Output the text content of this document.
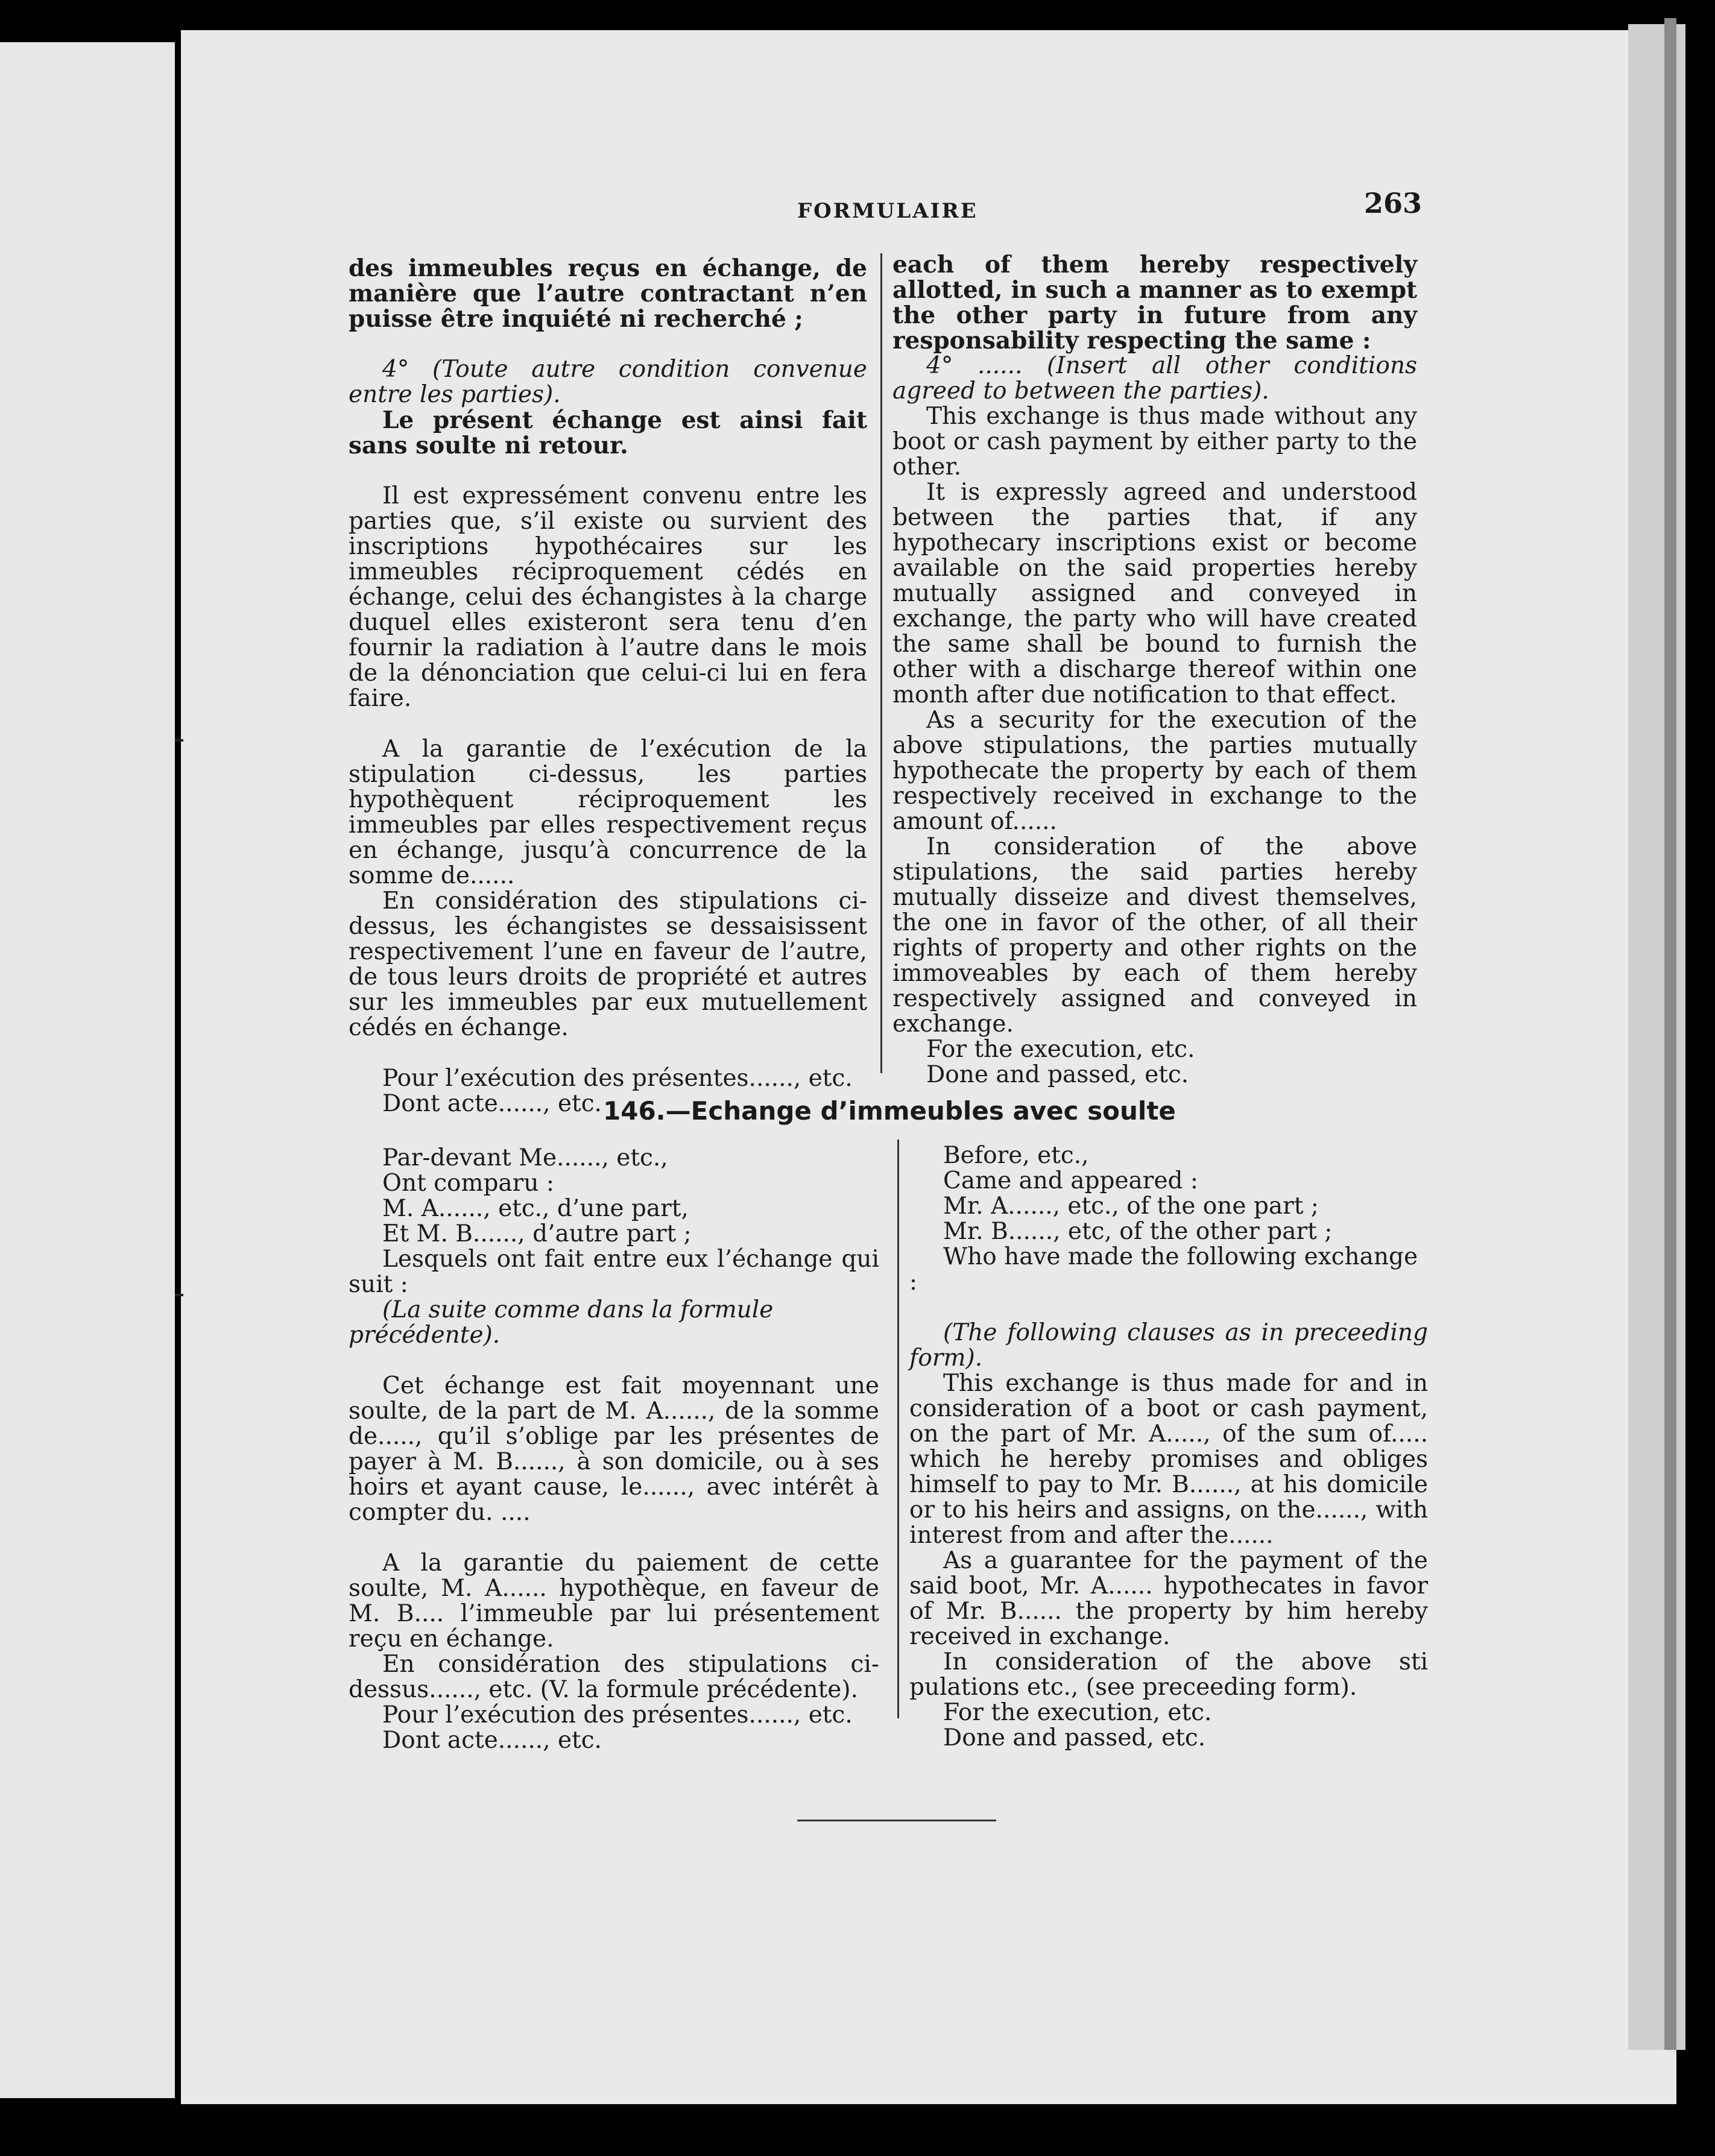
FORMULAIRE	263

des immeubles reçus en échange, de manière que l’autre contractant n’en puisse être inquiété ni recherché ;

4° (Toute autre condition convenue entre les parties).

Le présent échange est ainsi fait sans soulte ni retour.

Il est expressément convenu entre les parties que, s’il existe ou survient des inscriptions hypothécaires sur les immeubles réciproquement cédés en échange, celui des échangistes à la charge duquel elles existeront sera tenu d’en fournir la radiation à l’autre dans le mois de la dénonciation que celui-ci lui en fera faire.

A la garantie de l’exécution de la stipulation ci-dessus, les parties hypothèquent réciproquement les immeubles par elles respectivement reçus en échange, jusqu’à concurrence de la somme de......

En considération des stipulations ci-dessus, les échangistes se dessaisissent respectivement l’une en faveur de l’autre, de tous leurs droits de propriété et autres sur les immeubles par eux mutuellement cédés en échange.

Pour l’exécution des présentes......, etc.

Dont acte......, etc.

each of them hereby respectively allotted, in such a manner as to exempt the other party in future from any responsability respecting the same :

4° ...... (Insert all other conditions agreed to between the parties).

This exchange is thus made without any boot or cash payment by either party to the other.

It is expressly agreed and understood between the parties that, if any hypothecary inscriptions exist or become available on the said properties hereby mutually assigned and conveyed in exchange, the party who will have created the same shall be bound to furnish the other with a discharge thereof within one month after due notification to that effect.

As a security for the execution of the above stipulations, the parties mutually hypothecate the property by each of them respectively received in exchange to the amount of......

In consideration of the above stipulations, the said parties hereby mutually disseize and divest themselves, the one in favor of the other, of all their rights of property and other rights on the immoveables by each of them hereby respectively assigned and conveyed in exchange.

For the execution, etc.

Done and passed, etc.

146.—Echange d’immeubles avec soulte

Par-devant Me......, etc.,

Ont comparu :

M. A......, etc., d’une part,

Et M. B......, d’autre part ;

Lesquels ont fait entre eux l’échange qui suit :

(La suite comme dans la formule précédente).

Cet échange est fait moyennant une soulte, de la part de M. A......, de la somme de....., qu’il s’oblige par les présentes de payer à M. B......, à son domicile, ou à ses hoirs et ayant cause, le......, avec intérêt à compter du. ....

A la garantie du paiement de cette soulte, M. A...... hypothèque, en faveur de M. B.... l’immeuble par lui présentement reçu en échange.

En considération des stipulations ci-dessus......, etc. (V. la formule précédente).

Pour l’exécution des présentes......, etc.

Dont acte......, etc.

Before, etc.,

Came and appeared :

Mr. A......, etc., of the one part ;

Mr. B......, etc, of the other part ;

Who have made the following exchange :

(The following clauses as in preceeding form).

This exchange is thus made for and in consideration of a boot or cash payment, on the part of Mr. A....., of the sum of..... which he hereby promises and obliges himself to pay to Mr. B......, at his domicile or to his heirs and assigns, on the......, with interest from and after the......

As a guarantee for the payment of the said boot, Mr. A...... hypothecates in favor of Mr. B...... the property by him hereby received in exchange.

In consideration of the above sti pulations etc., (see preceeding form).

For the execution, etc.

Done and passed, etc.
